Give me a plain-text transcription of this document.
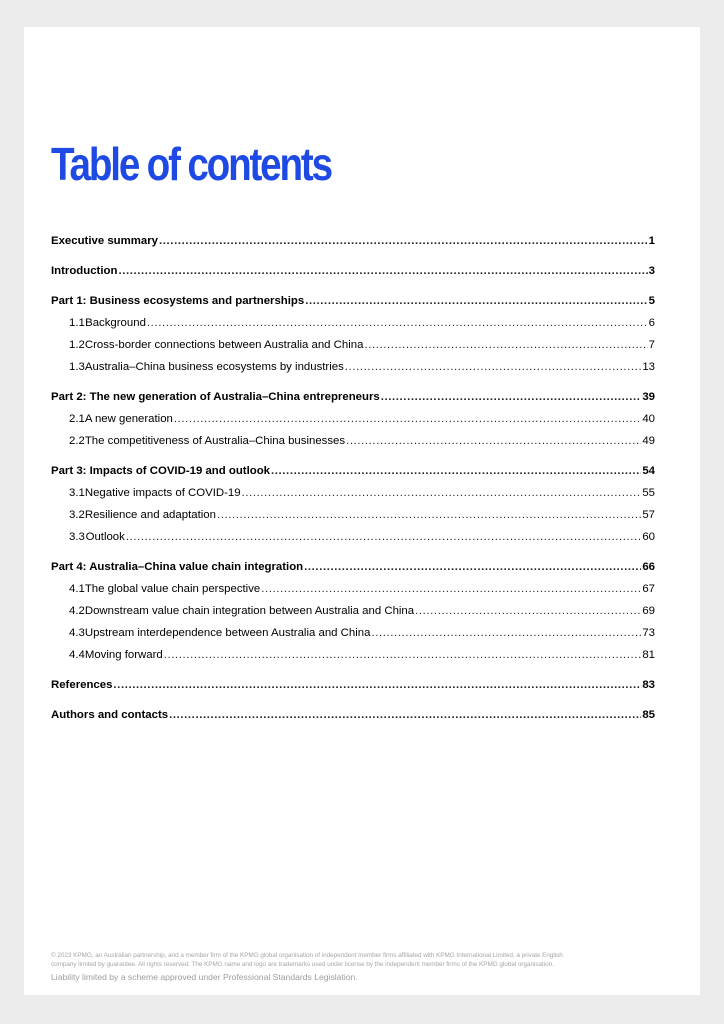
Table of contents
Executive summary .....	1
Introduction .....	3
Part 1: Business ecosystems and partnerships .....	5
1.1 Background .....	6
1.2 Cross-border connections between Australia and China .....	7
1.3 Australia–China business ecosystems by industries .....	13
Part 2: The new generation of Australia–China entrepreneurs .....	39
2.1 A new generation .....	40
2.2 The competitiveness of Australia–China businesses .....	49
Part 3: Impacts of COVID-19 and outlook .....	54
3.1 Negative impacts of COVID-19 .....	55
3.2 Resilience and adaptation .....	57
3.3 Outlook .....	60
Part 4: Australia–China value chain integration .....	66
4.1 The global value chain perspective .....	67
4.2 Downstream value chain integration between Australia and China .....	69
4.3 Upstream interdependence between Australia and China .....	73
4.4 Moving forward .....	81
References .....	83
Authors and contacts .....	85
© 2023 KPMG, an Australian partnership, and a member firm of the KPMG global organisation of independent member firms affiliated with KPMG International Limited, a private English
company limited by guarantee. All rights reserved. The KPMG name and logo are trademarks used under license by the independent member firms of the KPMG global organisation.
Liability limited by a scheme approved under Professional Standards Legislation.
